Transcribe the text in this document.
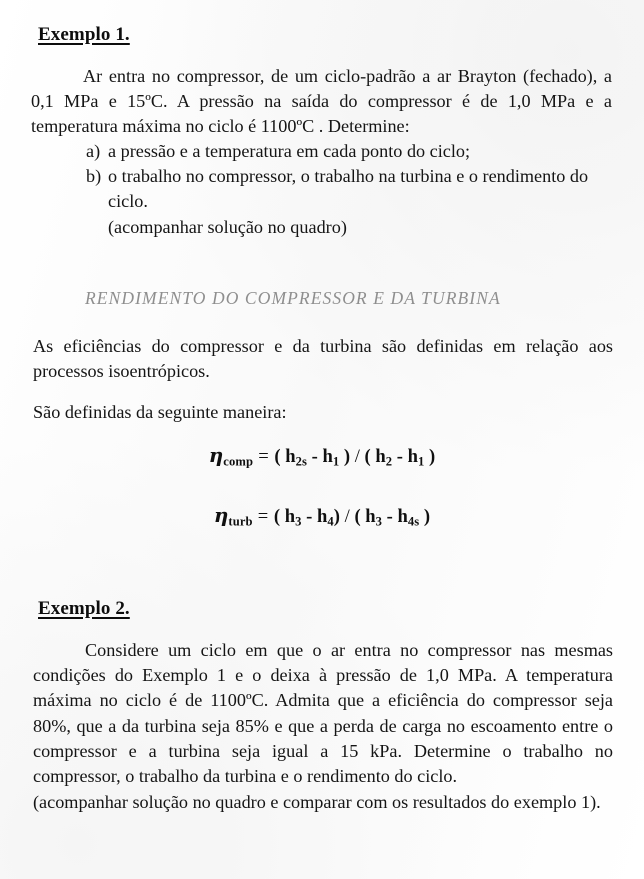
Exemplo 1.
Ar entra no compressor, de um ciclo-padrão a ar Brayton (fechado), a 0,1 MPa e 15ºC. A pressão na saída do compressor é de 1,0 MPa e a temperatura máxima no ciclo é 1100ºC . Determine:
a) a pressão e a temperatura em cada ponto do ciclo;
b) o trabalho no compressor, o trabalho na turbina e o rendimento do ciclo.
(acompanhar solução no quadro)
RENDIMENTO DO COMPRESSOR E DA TURBINA
As eficiências do compressor e da turbina são definidas em relação aos processos isoentrópicos.
São definidas da seguinte maneira:
ηcomp = ( h2s - h1 ) / ( h2 - h1 )
ηturb = ( h3 - h4) / ( h3 - h4s )
Exemplo 2.
Considere um ciclo em que o ar entra no compressor nas mesmas condições do Exemplo 1 e o deixa à pressão de 1,0 MPa. A temperatura máxima no ciclo é de 1100ºC. Admita que a eficiência do compressor seja 80%, que a da turbina seja 85% e que a perda de carga no escoamento entre o compressor e a turbina seja igual a 15 kPa. Determine o trabalho no compressor, o trabalho da turbina e o rendimento do ciclo.
(acompanhar solução no quadro e comparar com os resultados do exemplo 1).
